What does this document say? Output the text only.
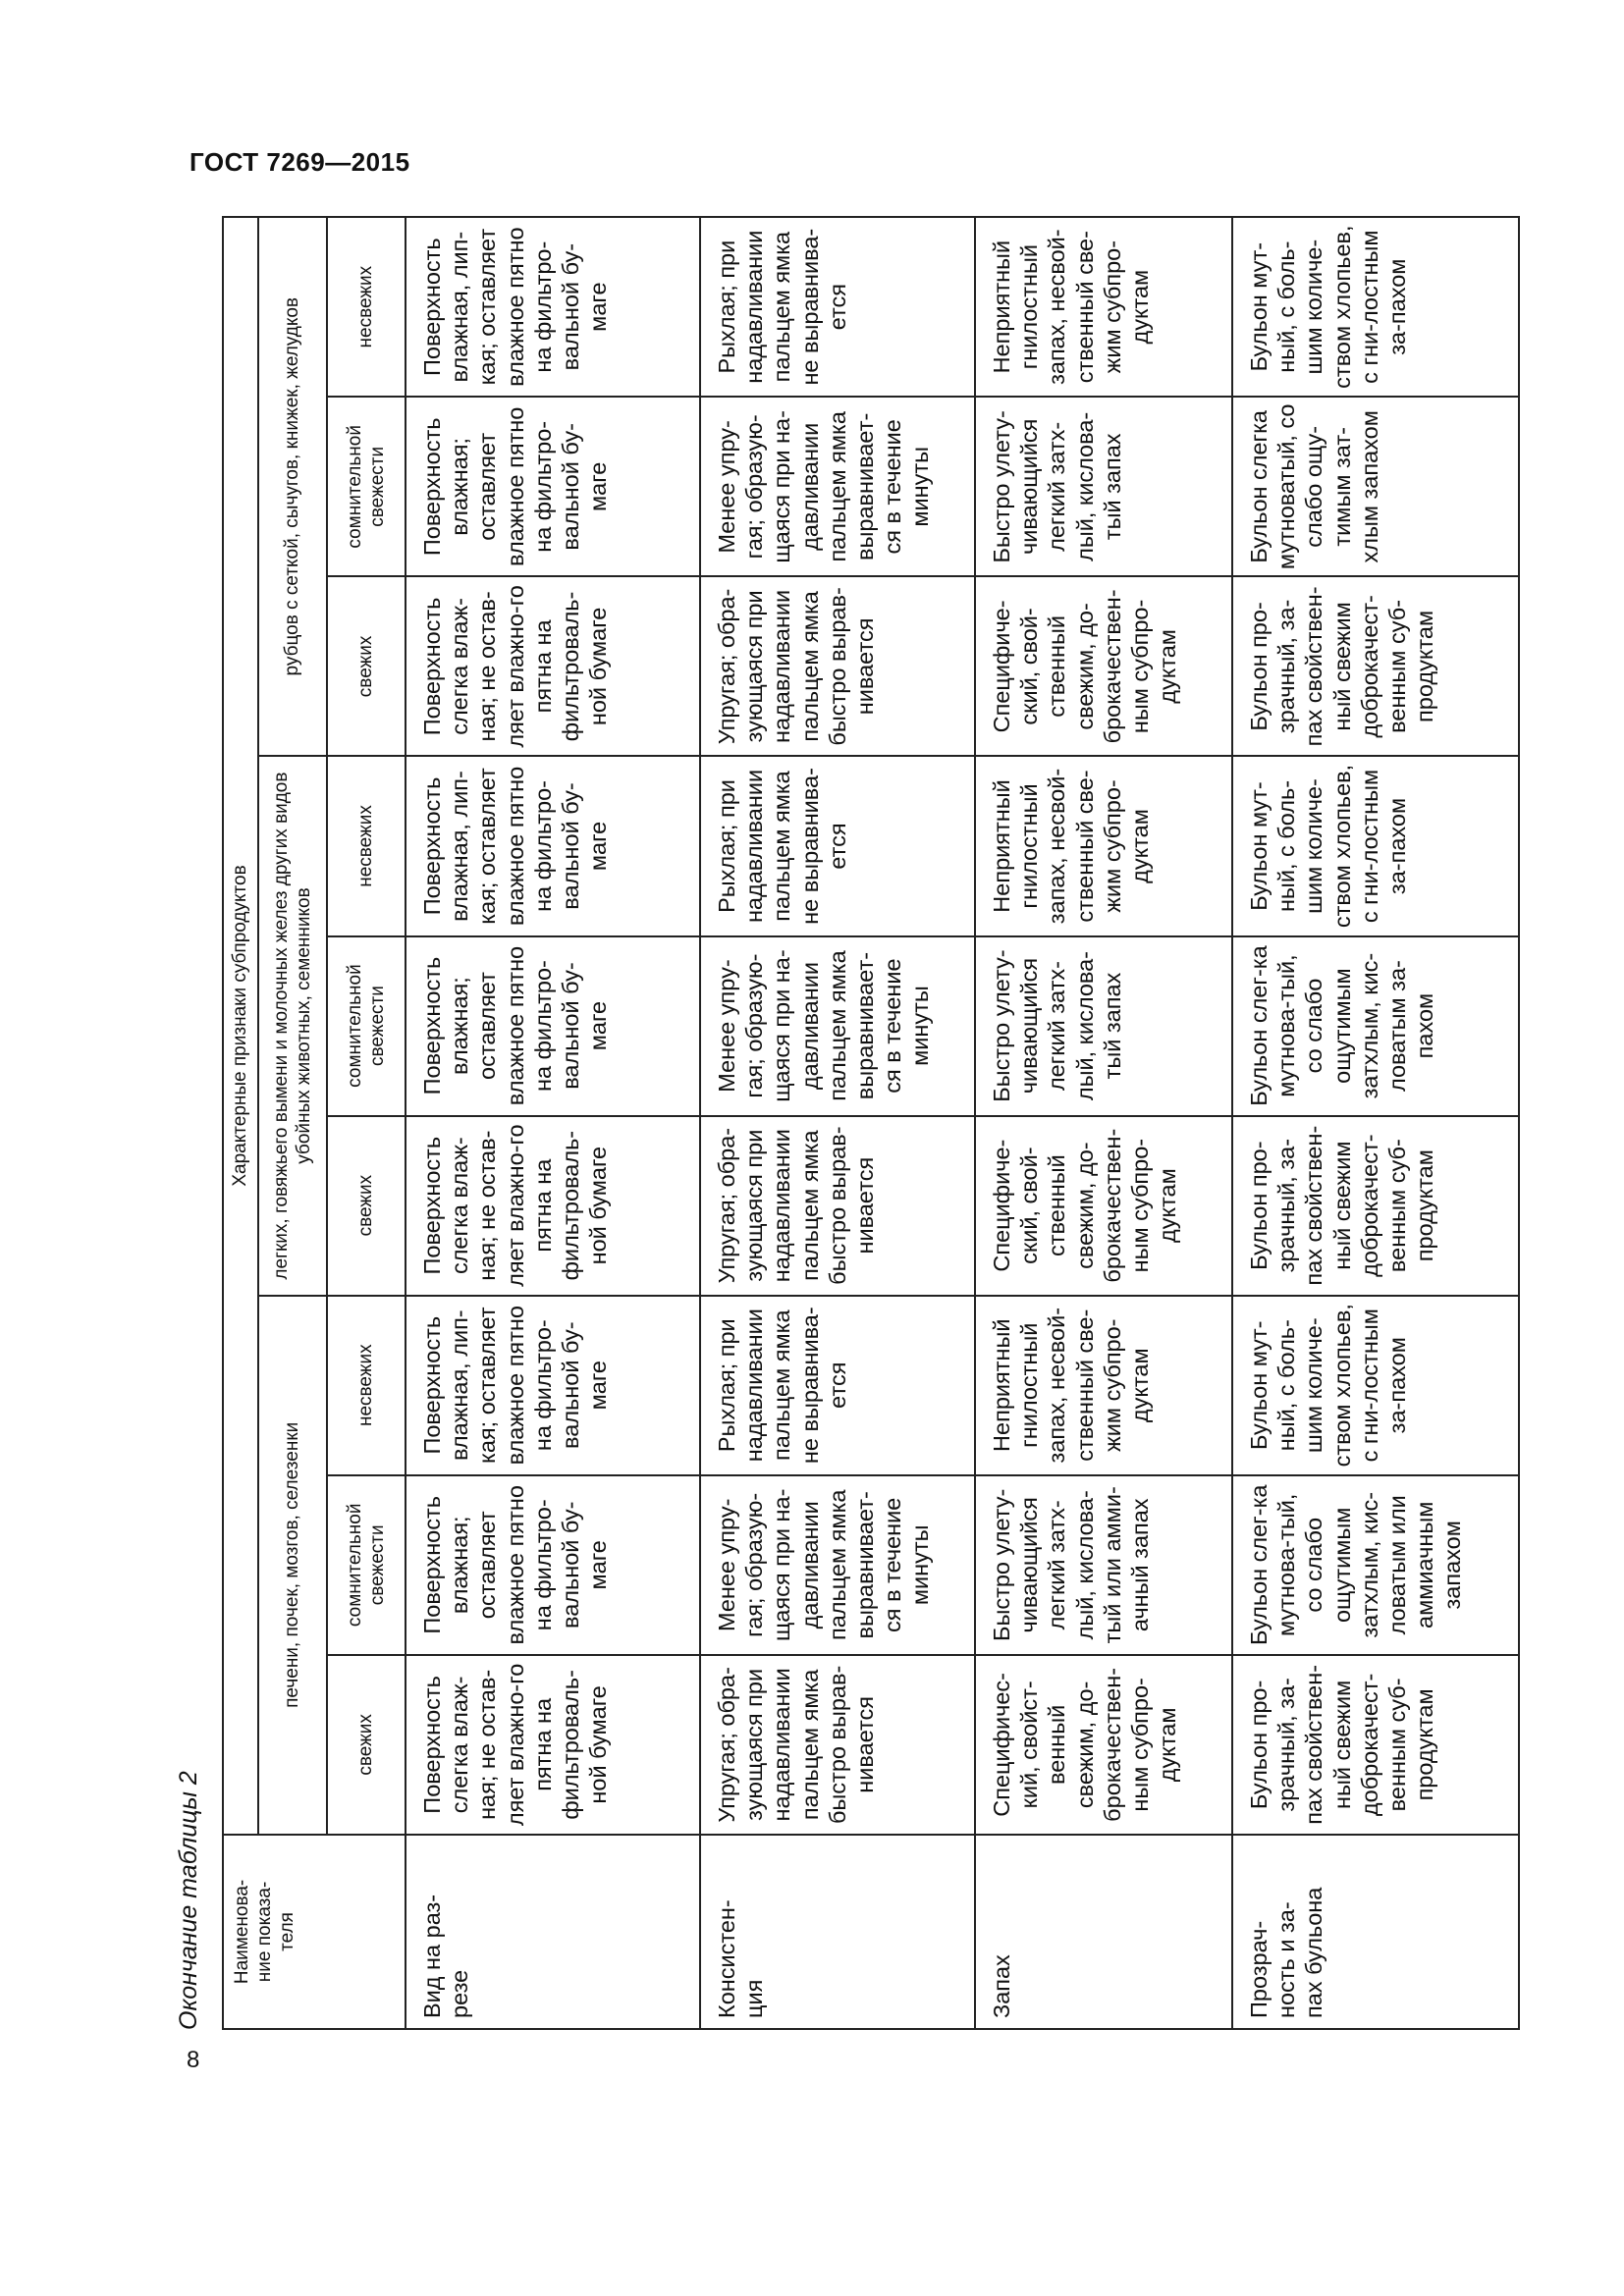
ГОСТ 7269—2015
8
Окончание таблицы 2 Наименова-
ние показа-
теля	Характерные признаки субпродуктов								
	печени, почек, мозгов, селезенки			легких, говяжьего вымени и молочных желез других видов убойных животных, семенников			рубцов с сеткой, сычугов, книжек, желудков		
	свежих	сомнительной свежести	несвежих	свежих	сомнительной свежести	несвежих	свежих	сомнительной свежести	несвежих
Вид на раз-
резе	Поверхность слегка влаж-ная; не остав-ляет влажно-го пятна на фильтроваль-ной бумаге	Поверхность влажная; оставляет влажное пятно на фильтро-вальной бу-маге	Поверхность влажная, лип-кая; оставляет влажное пятно на фильтро-вальной бу-маге	Поверхность слегка влаж-ная; не остав-ляет влажно-го пятна на фильтроваль-ной бумаге	Поверхность влажная; оставляет влажное пятно на фильтро-вальной бу-маге	Поверхность влажная, лип-кая; оставляет влажное пятно на фильтро-вальной бу-маге	Поверхность слегка влаж-ная; не остав-ляет влажно-го пятна на фильтроваль-ной бумаге	Поверхность влажная; оставляет влажное пятно на фильтро-вальной бу-маге	Поверхность влажная, лип-кая; оставляет влажное пятно на фильтро-вальной бу-маге
Консистен-
ция	Упругая; обра-зующаяся при надавливании пальцем ямка быстро вырав-нивается	Менее упру-гая; образую-щаяся при на-давливании пальцем ямка выравнивает-ся в течение минуты	Рыхлая; при надавливании пальцем ямка не выравнива-ется	Упругая; обра-зующаяся при надавливании пальцем ямка быстро вырав-нивается	Менее упру-гая; образую-щаяся при на-давливании пальцем ямка выравнивает-ся в течение минуты	Рыхлая; при надавливании пальцем ямка не выравнива-ется	Упругая; обра-зующаяся при надавливании пальцем ямка быстро вырав-нивается	Менее упру-гая; образую-щаяся при на-давливании пальцем ямка выравнивает-ся в течение минуты	Рыхлая; при надавливании пальцем ямка не выравнива-ется
Запах	Специфичес-кий, свойст-венный свежим, до-брокачествен-ным субпро-дуктам	Быстро улету-чивающийся легкий затх-лый, кислова-тый или амми-ачный запах	Неприятный гнилостный запах, несвой-ственный све-жим субпро-дуктам	Специфиче-ский, свой-ственный свежим, до-брокачествен-ным субпро-дуктам	Быстро улету-чивающийся легкий затх-лый, кислова-тый запах	Неприятный гнилостный запах, несвой-ственный све-жим субпро-дуктам	Специфиче-ский, свой-ственный свежим, до-брокачествен-ным субпро-дуктам	Быстро улету-чивающийся легкий затх-лый, кислова-тый запах	Неприятный гнилостный запах, несвой-ственный све-жим субпро-дуктам
Прозрач-
ность и за-
пах бульона	Бульон про-зрачный, за-пах свойствен-ный свежим доброкачест-венным суб-продуктам	Бульон слег-ка мутнова-тый, со слабо ощутимым затхлым, кис-ловатым или аммиачным запахом	Бульон мут-ный, с боль-шим количе-ством хлопьев, с гни-лостным за-пахом	Бульон про-зрачный, за-пах свойствен-ный свежим доброкачест-венным суб-продуктам	Бульон слег-ка мутнова-тый, со слабо ощутимым затхлым, кис-ловатым за-пахом	Бульон мут-ный, с боль-шим количе-ством хлопьев, с гни-лостным за-пахом	Бульон про-зрачный, за-пах свойствен-ный свежим доброкачест-венным суб-продуктам	Бульон слегка мутноватый, со слабо ощу-тимым зат-хлым запахом	Бульон мут-ный, с боль-шим количе-ством хлопьев, с гни-лостным за-пахом
